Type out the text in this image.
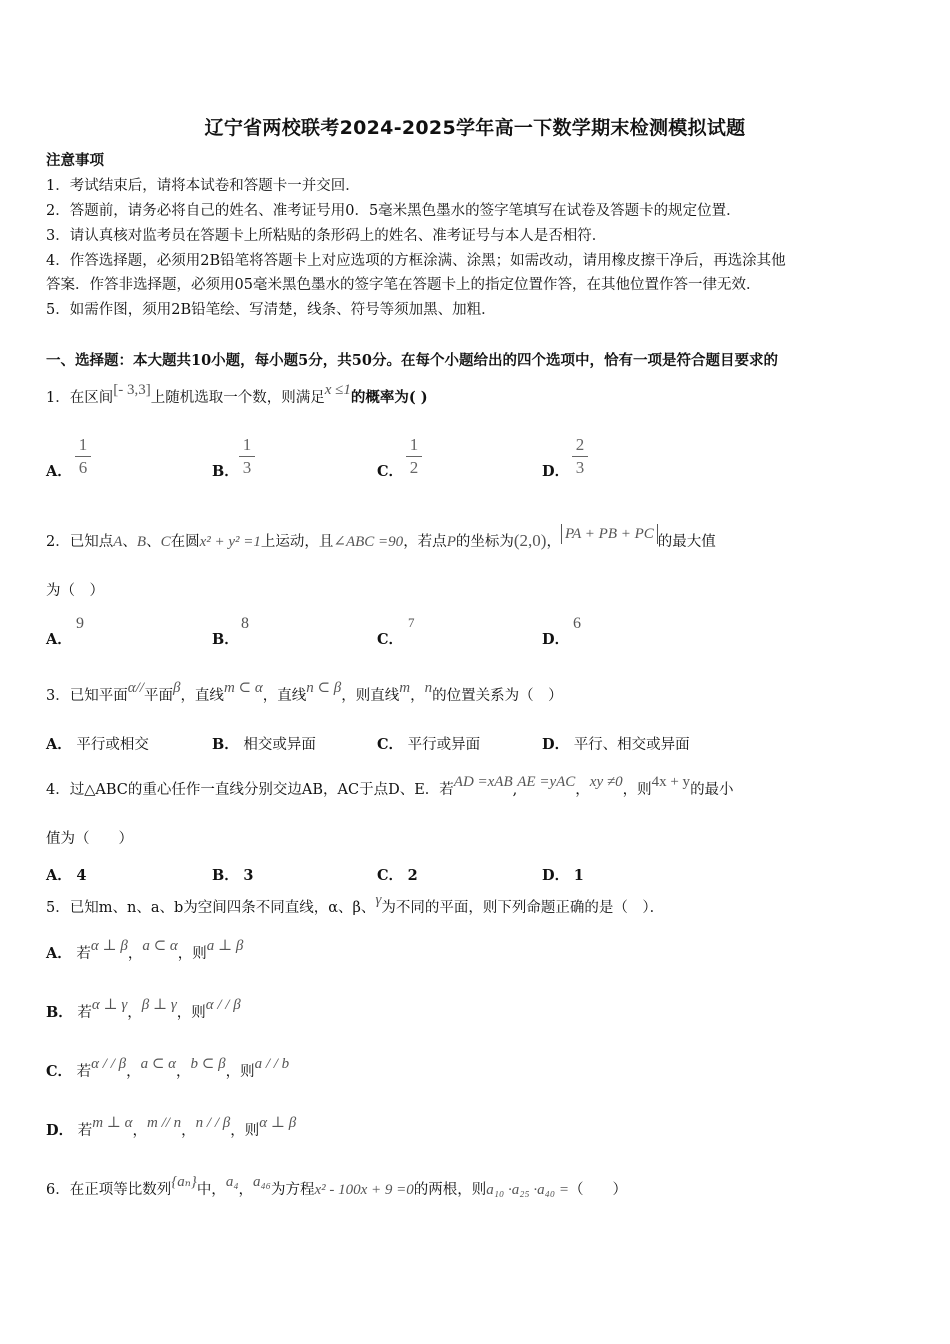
辽宁省两校联考2024-2025学年高一下数学期末检测模拟试题
注意事项
1．考试结束后，请将本试卷和答题卡一并交回．
2．答题前，请务必将自己的姓名、准考证号用0．5毫米黑色墨水的签字笔填写在试卷及答题卡的规定位置．
3．请认真核对监考员在答题卡上所粘贴的条形码上的姓名、准考证号与本人是否相符．
4．作答选择题，必须用2B铅笔将答题卡上对应选项的方框涂满、涂黑；如需改动，请用橡皮擦干净后，再选涂其他
答案．作答非选择题，必须用05毫米黑色墨水的签字笔在答题卡上的指定位置作答，在其他位置作答一律无效．
5．如需作图，须用2B铅笔绘、写清楚，线条、符号等须加黑、加粗．
一、选择题：本大题共10小题，每小题5分，共50分。在每个小题给出的四个选项中，恰有一项是符合题目要求的
1．在区间[- 3,3]上随机选取一个数，则满足x ≤1的概率为( )
A．
1
6	B．
1
3	C．
1
2	D．
2
3
2．已知点A、B、C在圆x² + y² =1上运动，且∠ABC =90，若点P的坐标为(2,0)， PA + PB + PC 的最大值
为（　）
A．
9
B．
8
C．
7
D．
6
3．已知平面α//平面β，直线m ⊂ α，直线n ⊂ β，则直线m，n的位置关系为（　）
A． 平行或相交	B． 相交或异面	C． 平行或异面	D． 平行、相交或异面
4．过△ABC的重心任作一直线分别交边AB，AC于点D、E．若AD =xAB,AE =yAC，xy ≠0，则4x + y的最小
值为（　　）
A． 4	B． 3	C． 2	D． 1
5．已知m、n、a、b为空间四条不同直线，α、β、γ为不同的平面，则下列命题正确的是（　）．
A． 若α ⊥ β，a ⊂ α，则a ⊥ β
B． 若α ⊥ γ，β ⊥ γ，则α / / β
C． 若α / / β，a ⊂ α，b ⊂ β，则a / / b
D． 若m ⊥ α，m // n，n / / β，则α ⊥ β
6．在正项等比数列{aₙ}中，a₄，a₄₆为方程x² - 100x + 9 =0的两根，则a₁₀ ·a₂₅ ·a₄₀ =（　　）
